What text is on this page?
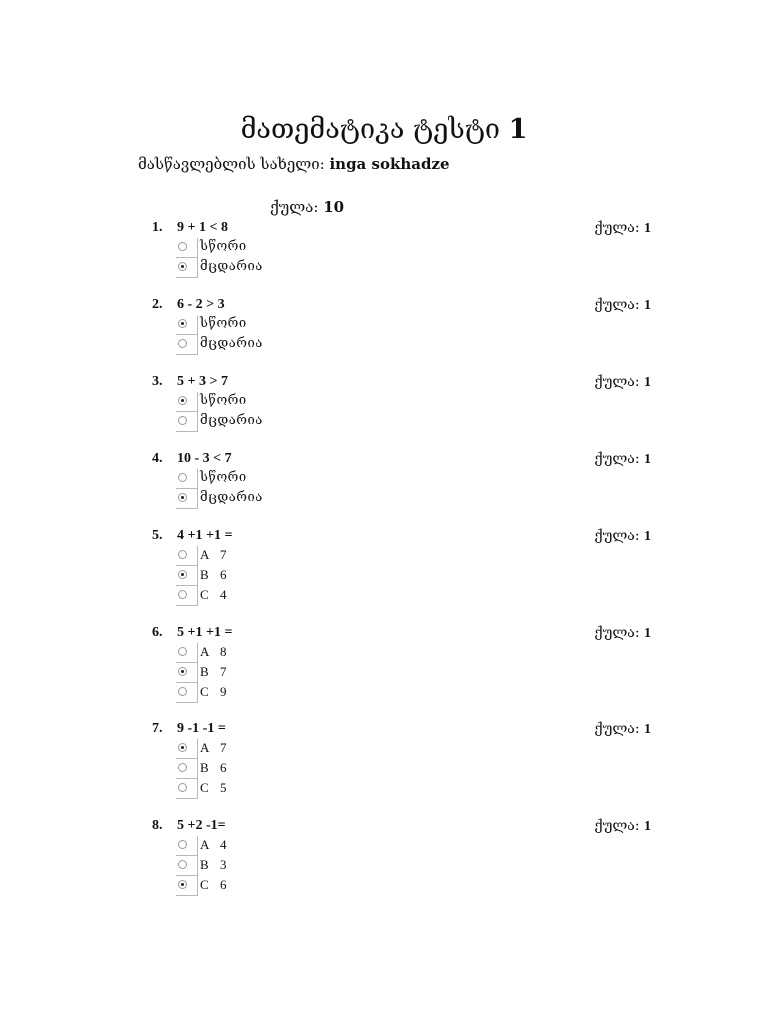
მათემატიკა ტესტი 1
მასწავლებლის სახელი: inga sokhadze
ქულა: 10
1. 9 + 1 < 8	ქულა: 1
სწორი
მცდარია
2. 6 - 2 > 3	ქულა: 1
სწორი
მცდარია
3. 5 + 3 > 7	ქულა: 1
სწორი
მცდარია
4. 10 - 3 < 7	ქულა: 1
სწორი
მცდარია
5. 4 +1 +1 =	ქულა: 1
A 7
B 6
C 4
6. 5 +1 +1 =	ქულა: 1
A 8
B 7
C 9
7. 9 -1 -1 =	ქულა: 1
A 7
B 6
C 5
8. 5 +2 -1=	ქულა: 1
A 4
B 3
C 6
